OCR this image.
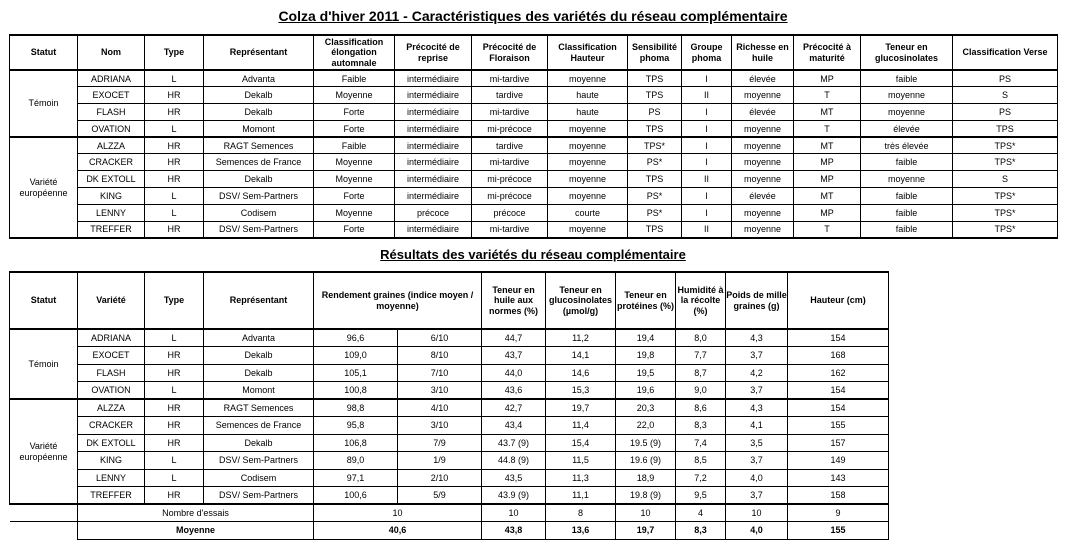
Colza d'hiver 2011 - Caractéristiques des variétés du réseau complémentaire
Statut	Nom	Type	Représentant	Classification élongation automnale	Précocité de reprise	Précocité de Floraison	Classification Hauteur	Sensibilité phoma	Groupe phoma	Richesse en huile	Précocité à maturité	Teneur en glucosinolates	Classification Verse
Témoin	ADRIANA	L	Advanta	Faible	intermédiaire	mi-tardive	moyenne	TPS	I	élevée	MP	faible	PS
	EXOCET	HR	Dekalb	Moyenne	intermédiaire	tardive	haute	TPS	II	moyenne	T	moyenne	S
	FLASH	HR	Dekalb	Forte	intermédiaire	mi-tardive	haute	PS	I	élevée	MT	moyenne	PS
	OVATION	L	Momont	Forte	intermédiaire	mi-précoce	moyenne	TPS	I	moyenne	T	élevée	TPS
Variété européenne	ALZZA	HR	RAGT Semences	Faible	intermédiaire	tardive	moyenne	TPS*	I	moyenne	MT	très élevée	TPS*
	CRACKER	HR	Semences de France	Moyenne	intermédiaire	mi-tardive	moyenne	PS*	I	moyenne	MP	faible	TPS*
	DK EXTOLL	HR	Dekalb	Moyenne	intermédiaire	mi-précoce	moyenne	TPS	II	moyenne	MP	moyenne	S
	KING	L	DSV/ Sem-Partners	Forte	intermédiaire	mi-précoce	moyenne	PS*	I	élevée	MT	faible	TPS*
	LENNY	L	Codisem	Moyenne	précoce	précoce	courte	PS*	I	moyenne	MP	faible	TPS*
	TREFFER	HR	DSV/ Sem-Partners	Forte	intermédiaire	mi-tardive	moyenne	TPS	II	moyenne	T	faible	TPS*
Résultats des variétés du réseau complémentaire
Statut	Variété	Type	Représentant	Rendement graines (indice moyen / moyenne)		Teneur en huile aux normes (%)	Teneur en glucosinolates (µmol/g)	Teneur en protéines (%)	Humidité à la récolte (%)	Poids de mille graines (g)	Hauteur (cm)
Témoin	ADRIANA	L	Advanta	96,6	6/10	44,7	11,2	19,4	8,0	4,3	154
	EXOCET	HR	Dekalb	109,0	8/10	43,7	14,1	19,8	7,7	3,7	168
	FLASH	HR	Dekalb	105,1	7/10	44,0	14,6	19,5	8,7	4,2	162
	OVATION	L	Momont	100,8	3/10	43,6	15,3	19,6	9,0	3,7	154
Variété européenne	ALZZA	HR	RAGT Semences	98,8	4/10	42,7	19,7	20,3	8,6	4,3	154
	CRACKER	HR	Semences de France	95,8	3/10	43,4	11,4	22,0	8,3	4,1	155
	DK EXTOLL	HR	Dekalb	106,8	7/9	43.7 (9)	15,4	19.5 (9)	7,4	3,5	157
	KING	L	DSV/ Sem-Partners	89,0	1/9	44.8 (9)	11,5	19.6 (9)	8,5	3,7	149
	LENNY	L	Codisem	97,1	2/10	43,5	11,3	18,9	7,2	4,0	143
	TREFFER	HR	DSV/ Sem-Partners	100,6	5/9	43.9 (9)	11,1	19.8 (9)	9,5	3,7	158
	Nombre d'essais			10		10	8	10	4	10	9
	Moyenne			40,6		43,8	13,6	19,7	8,3	4,0	155
